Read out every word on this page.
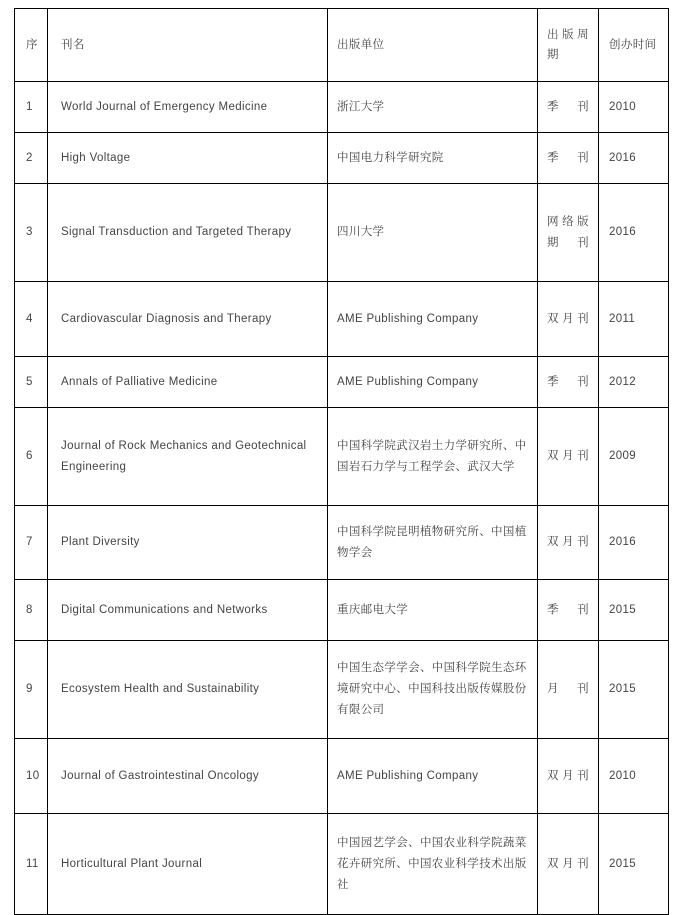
序	刊名	出版单位	出版周期	创办时间

1	World Journal of Emergency Medicine	浙江大学	季刊	2010

2	High Voltage	中国电力科学研究院	季刊	2016

3	Signal Transduction and Targeted Therapy	四川大学	网络版期刊	2016

4	Cardiovascular Diagnosis and Therapy	AME Publishing Company	双月刊	2011

5	Annals of Palliative Medicine	AME Publishing Company	季刊	2012

6	Journal of Rock Mechanics and Geotechnical Engineering	中国科学院武汉岩土力学研究所、中国岩石力学与工程学会、武汉大学	双月刊	2009

7	Plant Diversity	中国科学院昆明植物研究所、中国植物学会	双月刊	2016

8	Digital Communications and Networks	重庆邮电大学	季刊	2015

9	Ecosystem Health and Sustainability	中国生态学学会、中国科学院生态环境研究中心、中国科技出版传媒股份有限公司	月刊	2015

10	Journal of Gastrointestinal Oncology	AME Publishing Company	双月刊	2010

11	Horticultural Plant Journal	中国园艺学会、中国农业科学院蔬菜花卉研究所、中国农业科学技术出版社	双月刊	2015
